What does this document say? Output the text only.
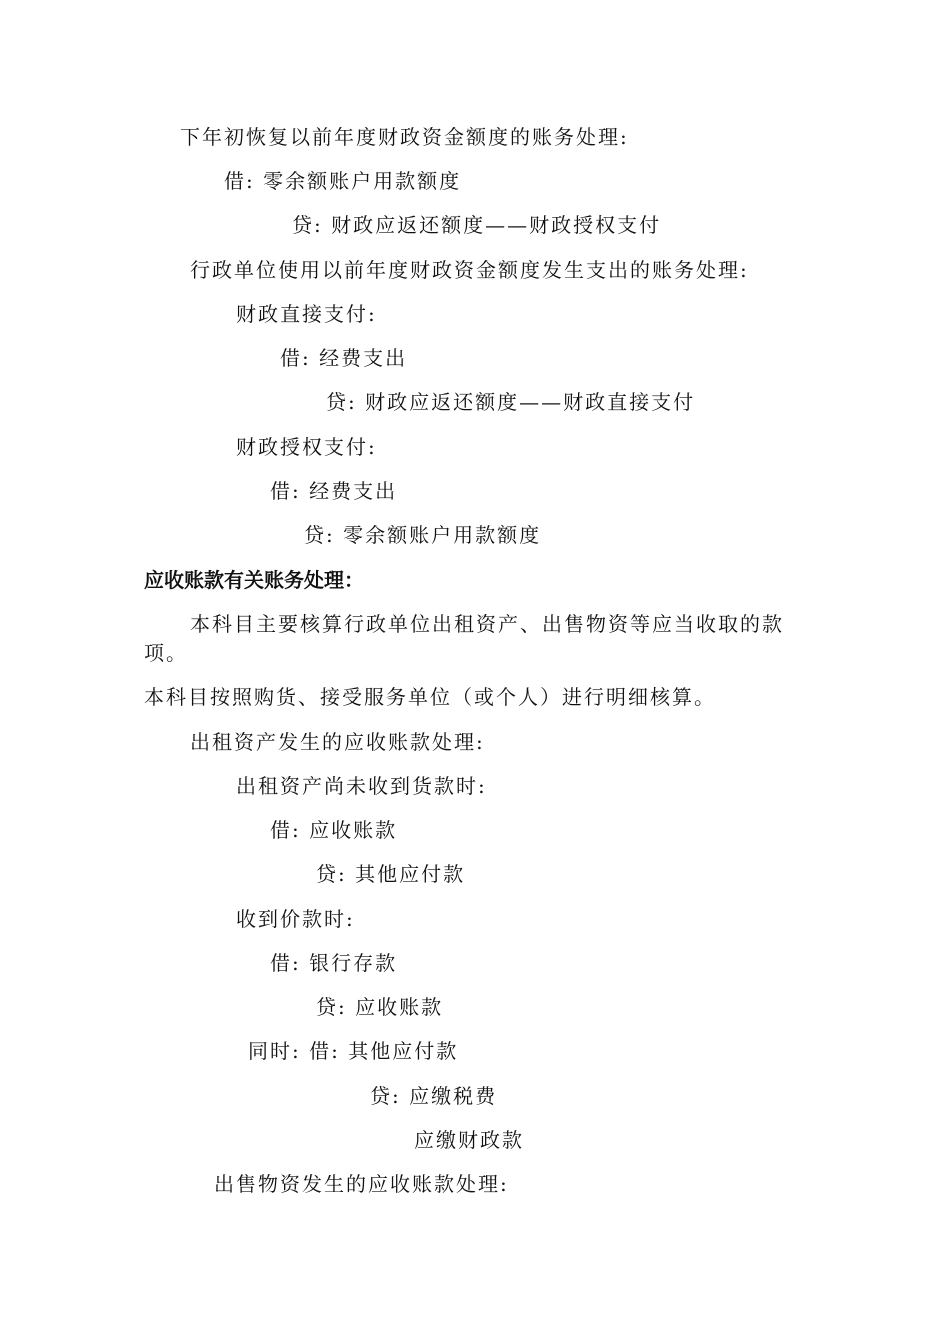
下年初恢复以前年度财政资金额度的账务处理:
借: 零余额账户用款额度
贷: 财政应返还额度——财政授权支付
行政单位使用以前年度财政资金额度发生支出的账务处理:
财政直接支付:
借: 经费支出
贷: 财政应返还额度——财政直接支付
财政授权支付:
借: 经费支出
贷: 零余额账户用款额度
应收账款有关账务处理：
本科目主要核算行政单位出租资产、出售物资等应当收取的款
项。
本科目按照购货、接受服务单位（或个人）进行明细核算。
出租资产发生的应收账款处理:
出租资产尚未收到货款时:
借: 应收账款
贷: 其他应付款
收到价款时:
借: 银行存款
贷: 应收账款
同时: 借: 其他应付款
贷: 应缴税费
应缴财政款
出售物资发生的应收账款处理:
